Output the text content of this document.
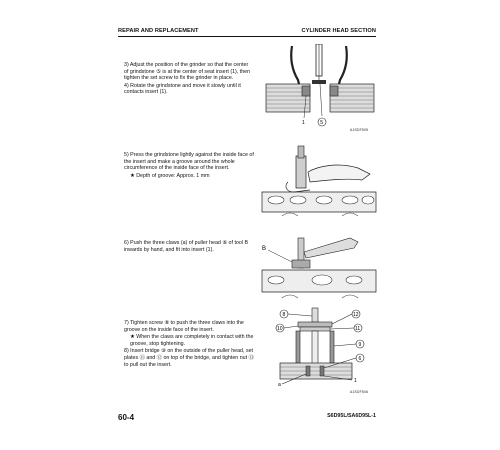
REPAIR AND REPLACEMENT	CYLINDER HEAD SECTION

3) Adjust the position of the grinder so that the center of grindstone ⑤ is at the center of seat insert (1), then tighten the set screw to fix the grinder in place.

4) Rotate the grindstone and move it slowly until it contacts insert (1).

1	5
A1SDF505

5) Press the grindstone lightly against the inside face of the insert and make a groove around the whole circumference of the inside face of the insert.

★ Depth of groove: Approx. 1 mm

6) Push the three claws (a) of puller head ⑥ of tool B inwards by hand, and fit into insert (1).	B

7) Tighten screw ⑧ to push the three claws into the groove on the inside face of the insert.

★ When the claws are completely in contact with the groove, stop tightening.

8) Insert bridge ⑨ on the outside of the puller head, set plates ⑪ and ⑫ on top of the bridge, and tighten nut ⑬ to pull out the insert.

8
10
12
11
9
6
a
1
A1SDF506
60-4	S6D95L/SA6D95L-1
